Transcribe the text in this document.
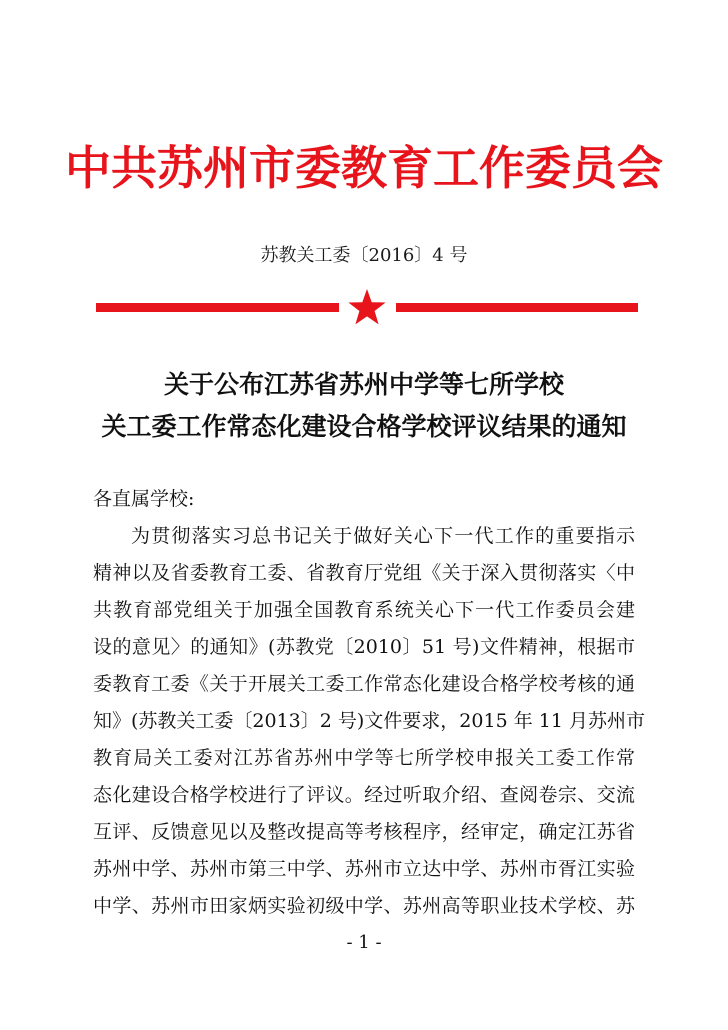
中共苏州市委教育工作委员会
苏教关工委〔2016〕4 号
关于公布江苏省苏州中学等七所学校
关工委工作常态化建设合格学校评议结果的通知
各直属学校:
为贯彻落实习总书记关于做好关心下一代工作的重要指示
精神以及省委教育工委、省教育厅党组《关于深入贯彻落实〈中
共教育部党组关于加强全国教育系统关心下一代工作委员会建
设的意见〉的通知》(苏教党〔2010〕51 号)文件精神，根据市
委教育工委《关于开展关工委工作常态化建设合格学校考核的通
知》(苏教关工委〔2013〕2 号)文件要求，2015 年 11 月苏州市
教育局关工委对江苏省苏州中学等七所学校申报关工委工作常
态化建设合格学校进行了评议。经过听取介绍、查阅卷宗、交流
互评、反馈意见以及整改提高等考核程序，经审定，确定江苏省
苏州中学、苏州市第三中学、苏州市立达中学、苏州市胥江实验
中学、苏州市田家炳实验初级中学、苏州高等职业技术学校、苏
- 1 -
